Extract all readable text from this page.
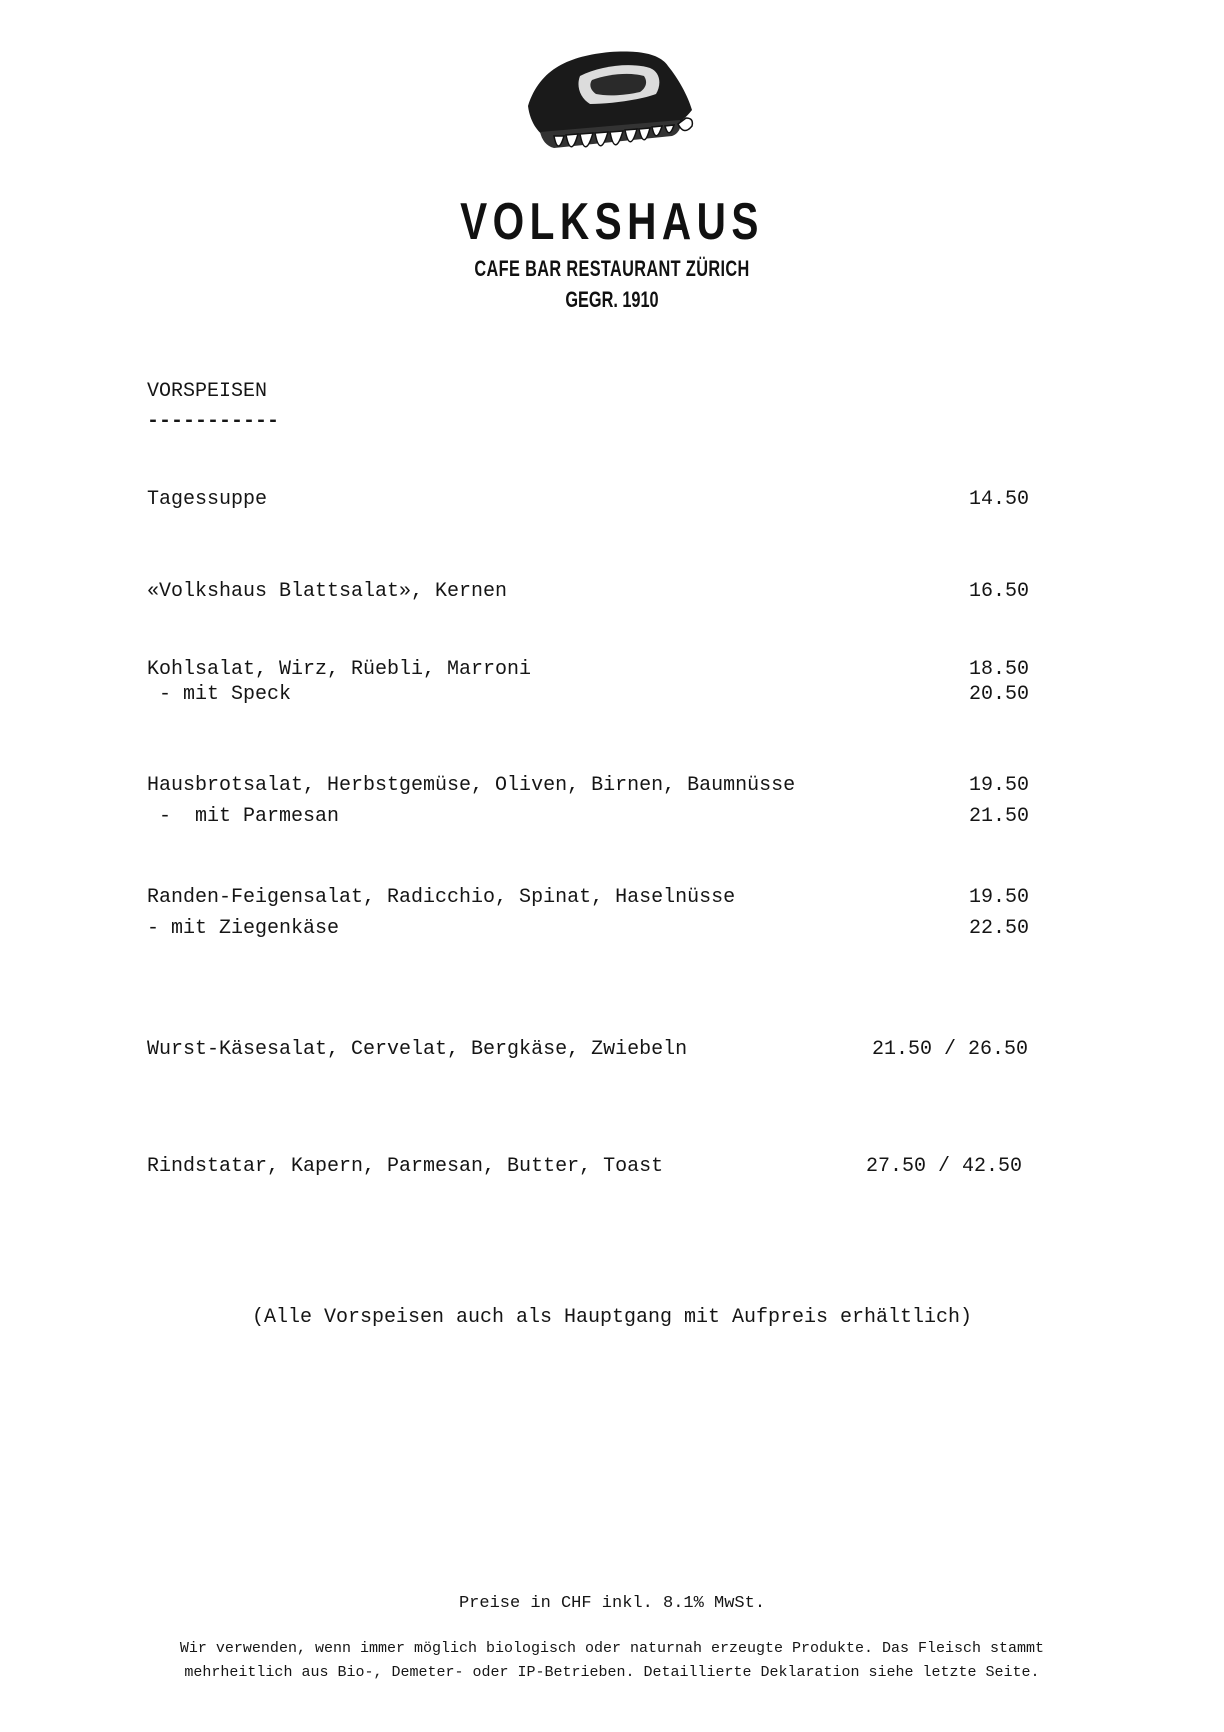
VOLKSHAUS
CAFE BAR RESTAURANT ZÜRICH
GEGR. 1910
VORSPEISEN
-----------
Tagessuppe	14.50
«Volkshaus Blattsalat», Kernen	16.50
Kohlsalat, Wirz, Rüebli, Marroni	18.50
- mit Speck	20.50
Hausbrotsalat, Herbstgemüse, Oliven, Birnen, Baumnüsse	19.50
-  mit Parmesan	21.50
Randen-Feigensalat, Radicchio, Spinat, Haselnüsse	19.50
- mit Ziegenkäse	22.50
Wurst-Käsesalat, Cervelat, Bergkäse, Zwiebeln	21.50 / 26.50
Rindstatar, Kapern, Parmesan, Butter, Toast	27.50 / 42.50
(Alle Vorspeisen auch als Hauptgang mit Aufpreis erhältlich)
Preise in CHF inkl. 8.1% MwSt.
Wir verwenden, wenn immer möglich biologisch oder naturnah erzeugte Produkte. Das Fleisch stammt
mehrheitlich aus Bio-, Demeter- oder IP-Betrieben. Detaillierte Deklaration siehe letzte Seite.
